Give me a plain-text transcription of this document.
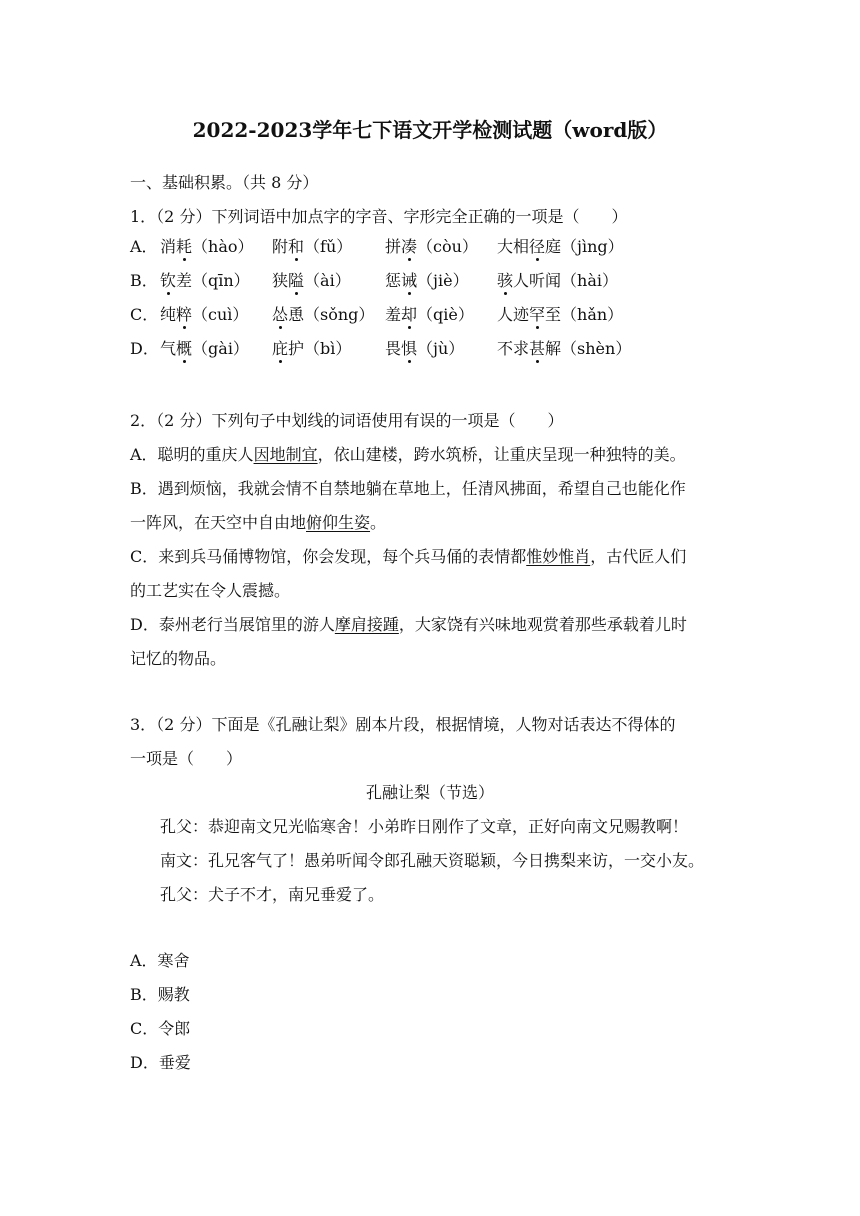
2022-2023学年七下语文开学检测试题（word版）
一、基础积累。（共 8 分）
1．（2 分）下列词语中加点字的字音、字形完全正确的一项是（　　）
A． 消耗（hào） 附和（fǔ） 拼凑（còu） 大相径庭（jìng）
B． 钦差（qīn） 狭隘（ài） 惩诫（jiè） 骇人听闻（hài）
C． 纯粹（cuì） 怂恿（sǒng） 羞却（qiè） 人迹罕至（hǎn）
D． 气概（gài） 庇护（bì） 畏惧（jù） 不求甚解（shèn）
2．（2 分）下列句子中划线的词语使用有误的一项是（　　）
A．聪明的重庆人因地制宜，依山建楼，跨水筑桥，让重庆呈现一种独特的美。
B．遇到烦恼，我就会情不自禁地躺在草地上，任清风拂面，希望自己也能化作
一阵风，在天空中自由地俯仰生姿。
C．来到兵马俑博物馆，你会发现，每个兵马俑的表情都惟妙惟肖，古代匠人们
的工艺实在令人震撼。
D．泰州老行当展馆里的游人摩肩接踵，大家饶有兴味地观赏着那些承载着儿时
记忆的物品。
3．（2 分）下面是《孔融让梨》剧本片段，根据情境，人物对话表达不得体的
一项是（　　）
孔融让梨（节选）
孔父：恭迎南文兄光临寒舍！小弟昨日刚作了文章，正好向南文兄赐教啊！
南文：孔兄客气了！愚弟听闻令郎孔融天资聪颖，今日携梨来访，一交小友。
孔父：犬子不才，南兄垂爱了。
A．寒舍
B．赐教
C．令郎
D．垂爱
